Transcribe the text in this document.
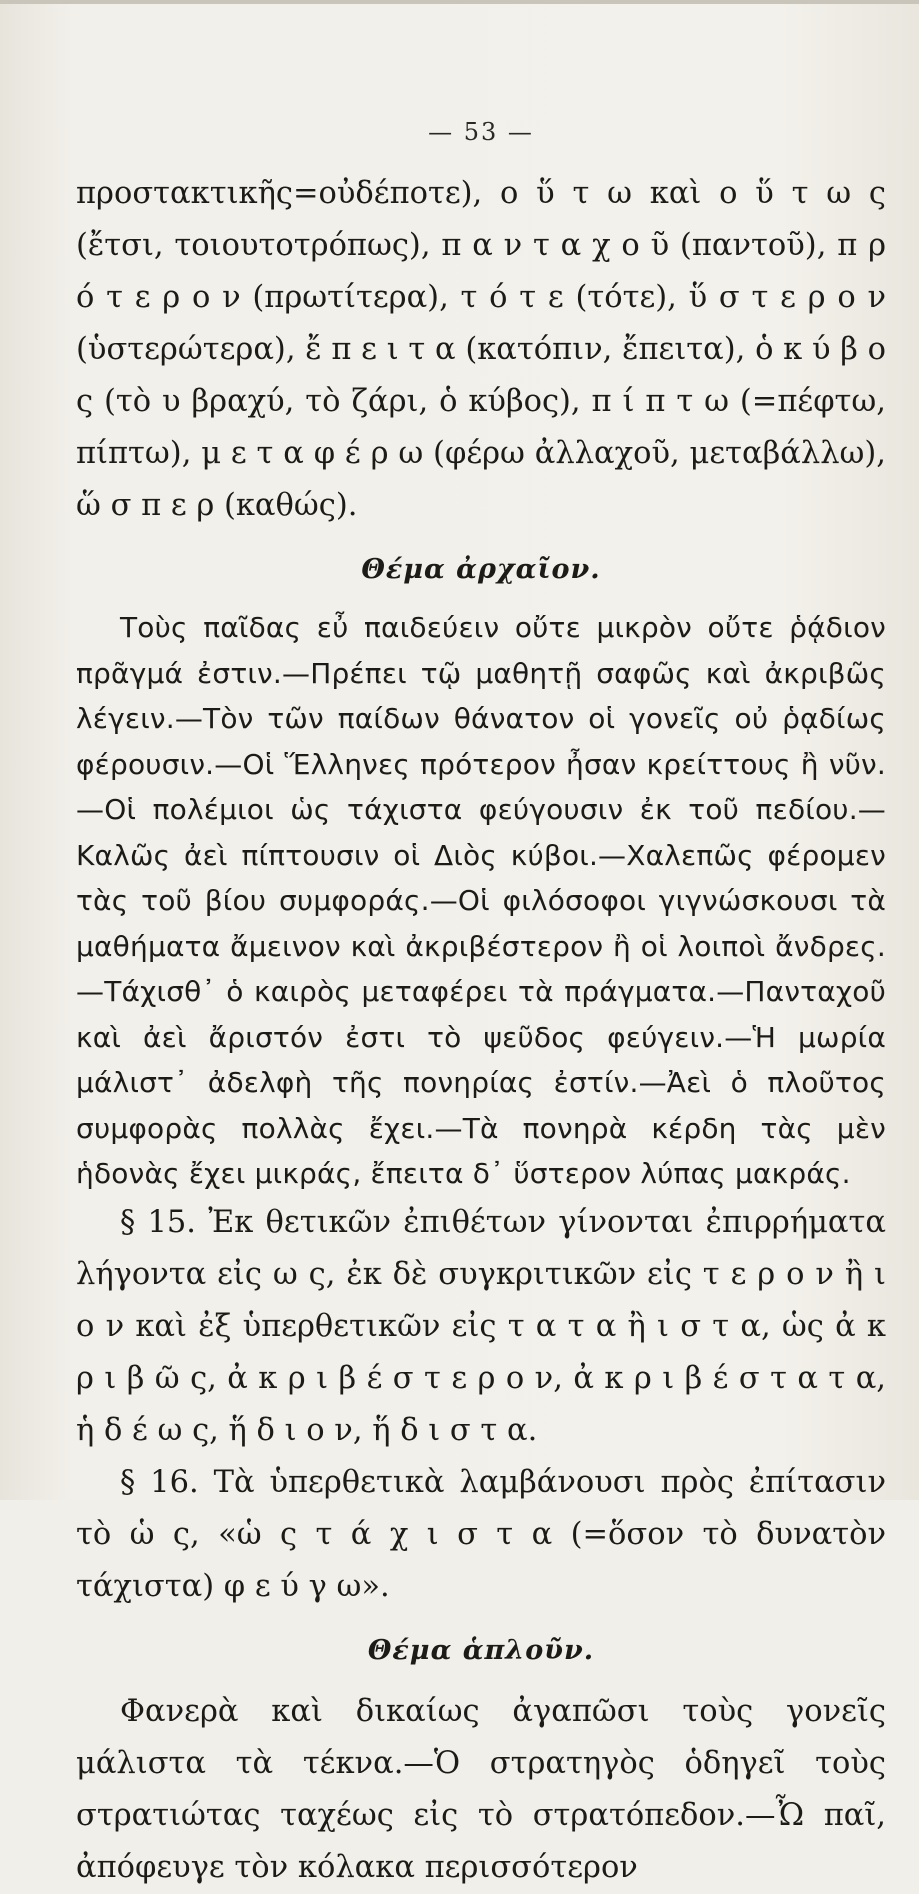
— 53 —

προστακτικῆς=οὐδέποτε), ο ὕ τ ω καὶ ο ὕ τ ω ς (ἔτσι, τοιουτοτρόπως), π α ν τ α χ ο ῦ (παντοῦ), π ρ ό τ ε ρ ο ν (πρωτίτερα), τ ό τ ε (τότε), ὕ σ τ ε ρ ο ν (ὑστερώτερα), ἔ π ε ι τ α (κατόπιν, ἔπειτα), ὁ κ ύ β ο ς (τὸ υ βραχύ, τὸ ζάρι, ὁ κύβος), π ί π τ ω (=πέφτω, πίπτω), μ ε τ α φ έ ρ ω (φέρω ἀλλαχοῦ, μεταβάλλω), ὥ σ π ε ρ (καθώς).

Θέμα ἀρχαῖον.

Τοὺς παῖδας εὖ παιδεύειν οὔτε μικρὸν οὔτε ῥᾴδιον πρᾶγμά ἐστιν.—Πρέπει τῷ μαθητῇ σαφῶς καὶ ἀκριβῶς λέγειν.—Τὸν τῶν παίδων θάνατον οἱ γονεῖς οὐ ῥᾳδίως φέρουσιν.—Οἱ Ἕλληνες πρότερον ἦσαν κρείττους ἢ νῦν.—Οἱ πολέμιοι ὡς τάχιστα φεύγουσιν ἐκ τοῦ πεδίου.—Καλῶς ἀεὶ πίπτουσιν οἱ Διὸς κύβοι.—Χαλεπῶς φέρομεν τὰς τοῦ βίου συμφοράς.—Οἱ φιλόσοφοι γιγνώσκουσι τὰ μαθήματα ἄμεινον καὶ ἀκριβέστερον ἢ οἱ λοιποὶ ἄνδρες.—Τάχισθ᾽ ὁ καιρὸς μεταφέρει τὰ πράγματα.—Πανταχοῦ καὶ ἀεὶ ἄριστόν ἐστι τὸ ψεῦδος φεύγειν.—Ἡ μωρία μάλιστ᾽ ἀδελφὴ τῆς πονηρίας ἐστίν.—Ἀεὶ ὁ πλοῦτος συμφορὰς πολλὰς ἔχει.—Τὰ πονηρὰ κέρδη τὰς μὲν ἡδονὰς ἔχει μικράς, ἔπειτα δ᾽ ὕστερον λύπας μακράς.

§ 15. Ἐκ θετικῶν ἐπιθέτων γίνονται ἐπιρρήματα λήγοντα εἰς ω ς, ἐκ δὲ συγκριτικῶν εἰς τ ε ρ ο ν ἢ ι ο ν καὶ ἐξ ὑπερθετικῶν εἰς τ α τ α ἢ ι σ τ α, ὡς ἀ κ ρ ι β ῶ ς, ἀ κ ρ ι β έ σ τ ε ρ ο ν, ἀ κ ρ ι β έ σ τ α τ α, ἡ δ έ ω ς, ἥ δ ι ο ν, ἥ δ ι σ τ α.

§ 16. Τὰ ὑπερθετικὰ λαμβάνουσι πρὸς ἐπίτασιν τὸ ὡ ς, «ὡ ς τ ά χ ι σ τ α (=ὅσον τὸ δυνατὸν τάχιστα) φ ε ύ γ ω».

Θέμα ἁπλοῦν.

Φανερὰ καὶ δικαίως ἀγαπῶσι τοὺς γονεῖς μάλιστα τὰ τέκνα.—Ὁ στρατηγὸς ὁδηγεῖ τοὺς στρατιώτας ταχέως εἰς τὸ στρατόπεδον.—Ὦ παῖ, ἀπόφευγε τὸν κόλακα περισσότερον
